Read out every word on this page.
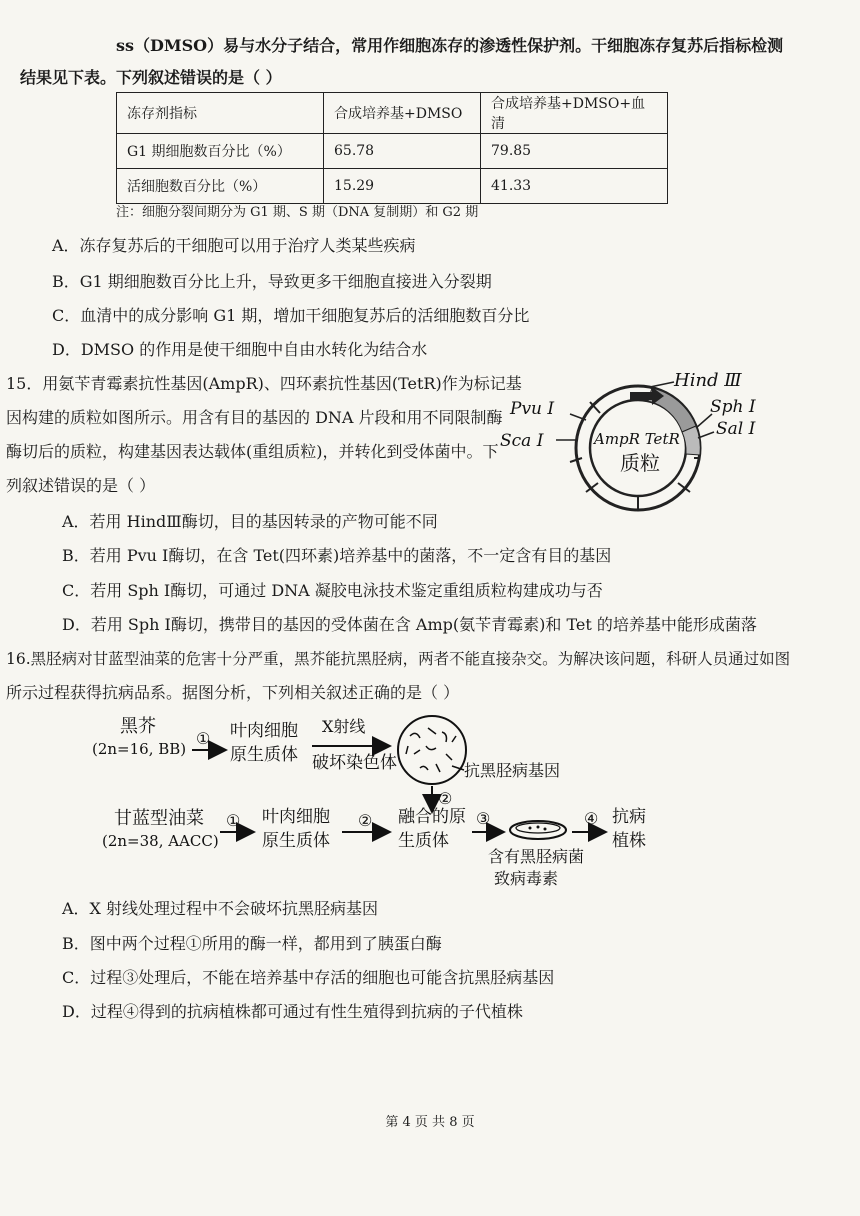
ss（DMSO）易与水分子结合，常用作细胞冻存的渗透性保护剂。干细胞冻存复苏后指标检测
结果见下表。下列叙述错误的是（ ）
冻存剂指标	合成培养基+DMSO	合成培养基+DMSO+血清
G1 期细胞数百分比（%）	65.78	79.85
活细胞数百分比（%）	15.29	41.33
注：细胞分裂间期分为 G1 期、S 期（DNA 复制期）和 G2 期
A．冻存复苏后的干细胞可以用于治疗人类某些疾病
B．G1 期细胞数百分比上升，导致更多干细胞直接进入分裂期
C．血清中的成分影响 G1 期，增加干细胞复苏后的活细胞数百分比
D．DMSO 的作用是使干细胞中自由水转化为结合水
15．用氨苄青霉素抗性基因(AmpR)、四环素抗性基因(TetR)作为标记基
因构建的质粒如图所示。用含有目的基因的 DNA 片段和用不同限制酶
酶切后的质粒，构建基因表达载体(重组质粒)，并转化到受体菌中。下
列叙述错误的是（ ）
Hind Ⅲ
Sph Ⅰ
Sal Ⅰ
Pvu Ⅰ
Sca Ⅰ	AmpR TetR
质粒
A．若用 HindⅢ酶切，目的基因转录的产物可能不同
B．若用 Pvu Ⅰ酶切，在含 Tet(四环素)培养基中的菌落，不一定含有目的基因
C．若用 Sph Ⅰ酶切，可通过 DNA 凝胶电泳技术鉴定重组质粒构建成功与否
D．若用 Sph Ⅰ酶切，携带目的基因的受体菌在含 Amp(氨苄青霉素)和 Tet 的培养基中能形成菌落
16.黑胫病对甘蓝型油菜的危害十分严重，黑芥能抗黑胫病，两者不能直接杂交。为解决该问题，科研人员通过如图
所示过程获得抗病品系。据图分析，下列相关叙述正确的是（ ）
黑芥
(2n=16, BB)
① 叶肉细胞
原生质体
X射线
破坏染色体	抗黑胫病基因
②
甘蓝型油菜
(2n=38, AACC)
① 叶肉细胞
原生质体
② 融合的原
生质体
③
含有黑胫病菌
致病毒素
④ 抗病
植株
A．X 射线处理过程中不会破坏抗黑胫病基因
B．图中两个过程①所用的酶一样，都用到了胰蛋白酶
C．过程③处理后，不能在培养基中存活的细胞也可能含抗黑胫病基因
D．过程④得到的抗病植株都可通过有性生殖得到抗病的子代植株
第 4 页 共 8 页
